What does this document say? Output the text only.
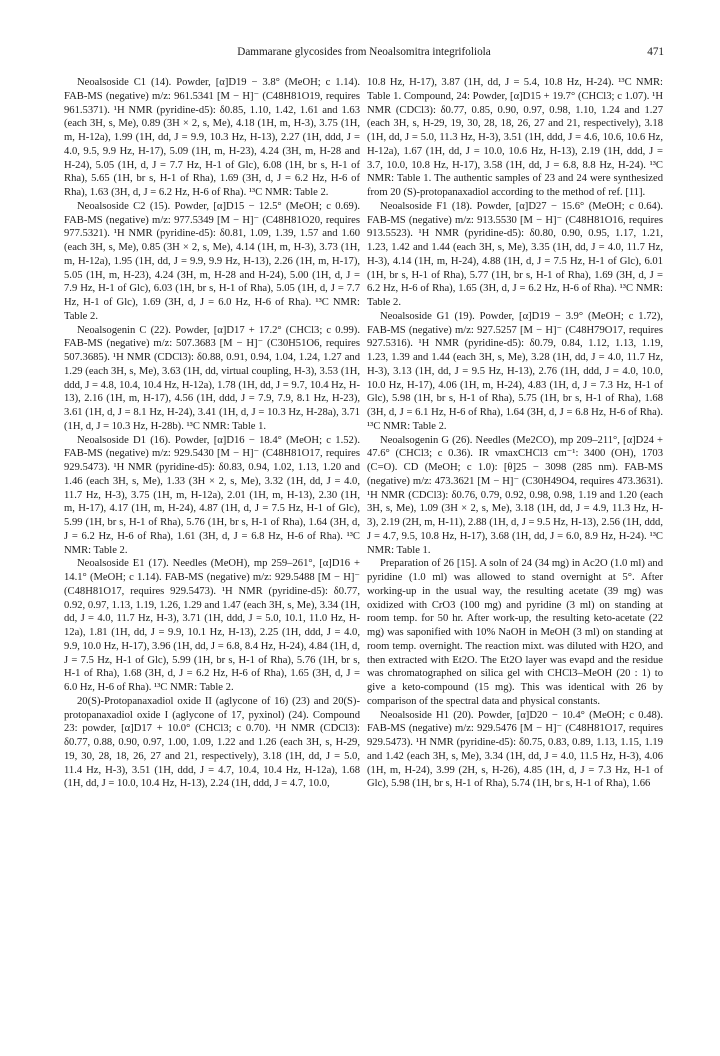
Dammarane glycosides from Neoalsomitra integrifoliola	471

Neoalsoside C1 (14). Powder, [α]D19 − 3.8° (MeOH; c 1.14). FAB-MS (negative) m/z: 961.5341 [M − H]⁻ (C48H81O19, requires 961.5371). ¹H NMR (pyridine-d5): δ0.85, 1.10, 1.42, 1.61 and 1.63 (each 3H, s, Me), 0.89 (3H × 2, s, Me), 4.18 (1H, m, H-3), 3.75 (1H, m, H-12a), 1.99 (1H, dd, J = 9.9, 10.3 Hz, H-13), 2.27 (1H, ddd, J = 4.0, 9.5, 9.9 Hz, H-17), 5.09 (1H, m, H-23), 4.24 (3H, m, H-28 and H-24), 5.05 (1H, d, J = 7.7 Hz, H-1 of Glc), 6.08 (1H, br s, H-1 of Rha), 5.65 (1H, br s, H-1 of Rha), 1.69 (3H, d, J = 6.2 Hz, H-6 of Rha), 1.63 (3H, d, J = 6.2 Hz, H-6 of Rha). ¹³C NMR: Table 2.

Neoalsoside C2 (15). Powder, [α]D15 − 12.5° (MeOH; c 0.69). FAB-MS (negative) m/z: 977.5349 [M − H]⁻ (C48H81O20, requires 977.5321). ¹H NMR (pyridine-d5): δ0.81, 1.09, 1.39, 1.57 and 1.60 (each 3H, s, Me), 0.85 (3H × 2, s, Me), 4.14 (1H, m, H-3), 3.73 (1H, m, H-12a), 1.95 (1H, dd, J = 9.9, 9.9 Hz, H-13), 2.26 (1H, m, H-17), 5.05 (1H, m, H-23), 4.24 (3H, m, H-28 and H-24), 5.00 (1H, d, J = 7.9 Hz, H-1 of Glc), 6.03 (1H, br s, H-1 of Rha), 5.05 (1H, d, J = 7.7 Hz, H-1 of Glc), 1.69 (3H, d, J = 6.0 Hz, H-6 of Rha). ¹³C NMR: Table 2.

Neoalsogenin C (22). Powder, [α]D17 + 17.2° (CHCl3; c 0.99). FAB-MS (negative) m/z: 507.3683 [M − H]⁻ (C30H51O6, requires 507.3685). ¹H NMR (CDCl3): δ0.88, 0.91, 0.94, 1.04, 1.24, 1.27 and 1.29 (each 3H, s, Me), 3.63 (1H, dd, virtual coupling, H-3), 3.53 (1H, ddd, J = 4.8, 10.4, 10.4 Hz, H-12a), 1.78 (1H, dd, J = 9.7, 10.4 Hz, H-13), 2.16 (1H, m, H-17), 4.56 (1H, ddd, J = 7.9, 7.9, 8.1 Hz, H-23), 3.61 (1H, d, J = 8.1 Hz, H-24), 3.41 (1H, d, J = 10.3 Hz, H-28a), 3.71 (1H, d, J = 10.3 Hz, H-28b). ¹³C NMR: Table 1.

Neoalsoside D1 (16). Powder, [α]D16 − 18.4° (MeOH; c 1.52). FAB-MS (negative) m/z: 929.5430 [M − H]⁻ (C48H81O17, requires 929.5473). ¹H NMR (pyridine-d5): δ0.83, 0.94, 1.02, 1.13, 1.20 and 1.46 (each 3H, s, Me), 1.33 (3H × 2, s, Me), 3.32 (1H, dd, J = 4.0, 11.7 Hz, H-3), 3.75 (1H, m, H-12a), 2.01 (1H, m, H-13), 2.30 (1H, m, H-17), 4.17 (1H, m, H-24), 4.87 (1H, d, J = 7.5 Hz, H-1 of Glc), 5.99 (1H, br s, H-1 of Rha), 5.76 (1H, br s, H-1 of Rha), 1.64 (3H, d, J = 6.2 Hz, H-6 of Rha), 1.61 (3H, d, J = 6.8 Hz, H-6 of Rha). ¹³C NMR: Table 2.

Neoalsoside E1 (17). Needles (MeOH), mp 259–261°, [α]D16 + 14.1° (MeOH; c 1.14). FAB-MS (negative) m/z: 929.5488 [M − H]⁻ (C48H81O17, requires 929.5473). ¹H NMR (pyridine-d5): δ0.77, 0.92, 0.97, 1.13, 1.19, 1.26, 1.29 and 1.47 (each 3H, s, Me), 3.34 (1H, dd, J = 4.0, 11.7 Hz, H-3), 3.71 (1H, ddd, J = 5.0, 10.1, 11.0 Hz, H-12a), 1.81 (1H, dd, J = 9.9, 10.1 Hz, H-13), 2.25 (1H, ddd, J = 4.0, 9.9, 10.0 Hz, H-17), 3.96 (1H, dd, J = 6.8, 8.4 Hz, H-24), 4.84 (1H, d, J = 7.5 Hz, H-1 of Glc), 5.99 (1H, br s, H-1 of Rha), 5.76 (1H, br s, H-1 of Rha), 1.68 (3H, d, J = 6.2 Hz, H-6 of Rha), 1.65 (3H, d, J = 6.0 Hz, H-6 of Rha). ¹³C NMR: Table 2.

20(S)-Protopanaxadiol oxide II (aglycone of 16) (23) and 20(S)-protopanaxadiol oxide I (aglycone of 17, pyxinol) (24). Compound 23: powder, [α]D17 + 10.0° (CHCl3; c 0.70). ¹H NMR (CDCl3): δ0.77, 0.88, 0.90, 0.97, 1.00, 1.09, 1.22 and 1.26 (each 3H, s, H-29, 19, 30, 28, 18, 26, 27 and 21, respectively), 3.18 (1H, dd, J = 5.0, 11.4 Hz, H-3), 3.51 (1H, ddd, J = 4.7, 10.4, 10.4 Hz, H-12a), 1.68 (1H, dd, J = 10.0, 10.4 Hz, H-13), 2.24 (1H, ddd, J = 4.7, 10.0,

10.8 Hz, H-17), 3.87 (1H, dd, J = 5.4, 10.8 Hz, H-24). ¹³C NMR: Table 1. Compound, 24: Powder, [α]D15 + 19.7° (CHCl3; c 1.07). ¹H NMR (CDCl3): δ0.77, 0.85, 0.90, 0.97, 0.98, 1.10, 1.24 and 1.27 (each 3H, s, H-29, 19, 30, 28, 18, 26, 27 and 21, respectively), 3.18 (1H, dd, J = 5.0, 11.3 Hz, H-3), 3.51 (1H, ddd, J = 4.6, 10.6, 10.6 Hz, H-12a), 1.67 (1H, dd, J = 10.0, 10.6 Hz, H-13), 2.19 (1H, ddd, J = 3.7, 10.0, 10.8 Hz, H-17), 3.58 (1H, dd, J = 6.8, 8.8 Hz, H-24). ¹³C NMR: Table 1. The authentic samples of 23 and 24 were synthesized from 20 (S)-protopanaxadiol according to the method of ref. [11].

Neoalsoside F1 (18). Powder, [α]D27 − 15.6° (MeOH; c 0.64). FAB-MS (negative) m/z: 913.5530 [M − H]⁻ (C48H81O16, requires 913.5523). ¹H NMR (pyridine-d5): δ0.80, 0.90, 0.95, 1.17, 1.21, 1.23, 1.42 and 1.44 (each 3H, s, Me), 3.35 (1H, dd, J = 4.0, 11.7 Hz, H-3), 4.14 (1H, m, H-24), 4.88 (1H, d, J = 7.5 Hz, H-1 of Glc), 6.01 (1H, br s, H-1 of Rha), 5.77 (1H, br s, H-1 of Rha), 1.69 (3H, d, J = 6.2 Hz, H-6 of Rha), 1.65 (3H, d, J = 6.2 Hz, H-6 of Rha). ¹³C NMR: Table 2.

Neoalsoside G1 (19). Powder, [α]D19 − 3.9° (MeOH; c 1.72), FAB-MS (negative) m/z: 927.5257 [M − H]⁻ (C48H79O17, requires 927.5316). ¹H NMR (pyridine-d5): δ0.79, 0.84, 1.12, 1.13, 1.19, 1.23, 1.39 and 1.44 (each 3H, s, Me), 3.28 (1H, dd, J = 4.0, 11.7 Hz, H-3), 3.13 (1H, dd, J = 9.5 Hz, H-13), 2.76 (1H, ddd, J = 4.0, 10.0, 10.0 Hz, H-17), 4.06 (1H, m, H-24), 4.83 (1H, d, J = 7.3 Hz, H-1 of Glc), 5.98 (1H, br s, H-1 of Rha), 5.75 (1H, br s, H-1 of Rha), 1.68 (3H, d, J = 6.1 Hz, H-6 of Rha), 1.64 (3H, d, J = 6.8 Hz, H-6 of Rha). ¹³C NMR: Table 2.

Neoalsogenin G (26). Needles (Me2CO), mp 209–211°, [α]D24 + 47.6° (CHCl3; c 0.36). IR νmaxCHCl3 cm⁻¹: 3400 (OH), 1703 (C=O). CD (MeOH; c 1.0): [θ]25 − 3098 (285 nm). FAB-MS (negative) m/z: 473.3621 [M − H]⁻ (C30H49O4, requires 473.3631). ¹H NMR (CDCl3): δ0.76, 0.79, 0.92, 0.98, 0.98, 1.19 and 1.20 (each 3H, s, Me), 1.09 (3H × 2, s, Me), 3.18 (1H, dd, J = 4.9, 11.3 Hz, H-3), 2.19 (2H, m, H-11), 2.88 (1H, d, J = 9.5 Hz, H-13), 2.56 (1H, ddd, J = 4.7, 9.5, 10.8 Hz, H-17), 3.68 (1H, dd, J = 6.0, 8.9 Hz, H-24). ¹³C NMR: Table 1.

Preparation of 26 [15]. A soln of 24 (34 mg) in Ac2O (1.0 ml) and pyridine (1.0 ml) was allowed to stand overnight at 5°. After working-up in the usual way, the resulting acetate (39 mg) was oxidized with CrO3 (100 mg) and pyridine (3 ml) on standing at room temp. for 50 hr. After work-up, the resulting keto-acetate (22 mg) was saponified with 10% NaOH in MeOH (3 ml) on standing at room temp. overnight. The reaction mixt. was diluted with H2O, and then extracted with Et2O. The Et2O layer was evapd and the residue was chromatographed on silica gel with CHCl3–MeOH (20 : 1) to give a keto-compound (15 mg). This was identical with 26 by comparison of the spectral data and physical constants.

Neoalsoside H1 (20). Powder, [α]D20 − 10.4° (MeOH; c 0.48). FAB-MS (negative) m/z: 929.5476 [M − H]⁻ (C48H81O17, requires 929.5473). ¹H NMR (pyridine-d5): δ0.75, 0.83, 0.89, 1.13, 1.15, 1.19 and 1.42 (each 3H, s, Me), 3.34 (1H, dd, J = 4.0, 11.5 Hz, H-3), 4.06 (1H, m, H-24), 3.99 (2H, s, H-26), 4.85 (1H, d, J = 7.3 Hz, H-1 of Glc), 5.98 (1H, br s, H-1 of Rha), 5.74 (1H, br s, H-1 of Rha), 1.66
